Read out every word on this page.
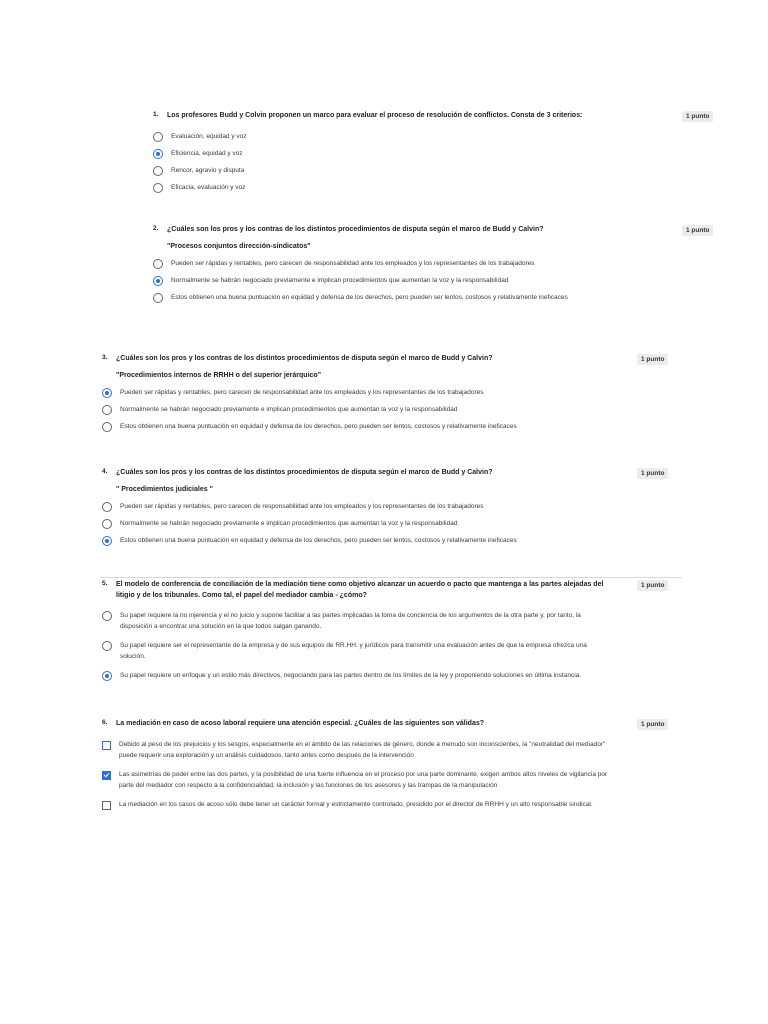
1.	Los profesores Budd y Colvin proponen un marco para evaluar el proceso de resolución de conflictos. Consta de 3 criterios:
Evaluación, equidad y voz
Eficiencia, equidad y voz
Rencor, agravio y disputa
Eficacia, evaluación y voz
1 punto
2.	¿Cuáles son los pros y los contras de los distintos procedimientos de disputa según el marco de Budd y Calvin?
"Procesos conjuntos dirección-sindicatos"
Pueden ser rápidas y rentables, pero carecen de responsabilidad ante los empleados y los representantes de los trabajadores
Normalmente se habrán negociado previamente e implican procedimientos que aumentan la voz y la responsabilidad
Estos obtienen una buena puntuación en equidad y defensa de los derechos, pero pueden ser lentos, costosos y relativamente ineficaces
1 punto
3.	¿Cuáles son los pros y los contras de los distintos procedimientos de disputa según el marco de Budd y Calvin?
"Procedimientos internos de RRHH o del superior jerárquico"
Pueden ser rápidas y rentables, pero carecen de responsabilidad ante los empleados y los representantes de los trabajadores
Normalmente se habrán negociado previamente e implican procedimientos que aumentan la voz y la responsabilidad
Estos obtienen una buena puntuación en equidad y defensa de los derechos, pero pueden ser lentos, costosos y relativamente ineficaces
1 punto
4.	¿Cuáles son los pros y los contras de los distintos procedimientos de disputa según el marco de Budd y Calvin?
" Procedimientos judiciales "
Pueden ser rápidas y rentables, pero carecen de responsabilidad ante los empleados y los representantes de los trabajadores
Normalmente se habrán negociado previamente e implican procedimientos que aumentan la voz y la responsabilidad
Estos obtienen una buena puntuación en equidad y defensa de los derechos, pero pueden ser lentos, costosos y relativamente ineficaces
1 punto
5.	El modelo de conferencia de conciliación de la mediación tiene como objetivo alcanzar un acuerdo o pacto que mantenga a las partes alejadas del litigio y de los tribunales. Como tal, el papel del mediador cambia - ¿cómo?
Su papel requiere la no injerencia y el no juicio y supone facilitar a las partes implicadas la toma de conciencia de los argumentos de la otra parte y, por tanto, la disposición a encontrar una solución en la que todos salgan ganando.
Su papel requiere ser el representante de la empresa y de sus equipos de RR.HH. y jurídicos para transmitir una evaluación antes de que la empresa ofrezca una solución.
Su papel requiere un enfoque y un estilo más directivos, negociando para las partes dentro de los límites de la ley y proponiendo soluciones en última instancia.
1 punto
6.	La mediación en caso de acoso laboral requiere una atención especial. ¿Cuáles de las siguientes son válidas?
Debido al peso de los prejuicios y los sesgos, especialmente en el ámbito de las relaciones de género, donde a menudo son inconscientes, la "neutralidad del mediador" puede requerir una exploración y un análisis cuidadosos, tanto antes como después de la intervención
Las asimetrías de poder entre las dos partes, y la posibilidad de una fuerte influencia en el proceso por una parte dominante, exigen ambos altos niveles de vigilancia por parte del mediador con respecto a la confidencialidad, la inclusión y las funciones de los asesores y las trampas de la manipulación
La mediación en los casos de acoso sólo debe tener un carácter formal y estrictamente controlado, presidido por el director de RRHH y un alto responsable sindical.
1 punto
